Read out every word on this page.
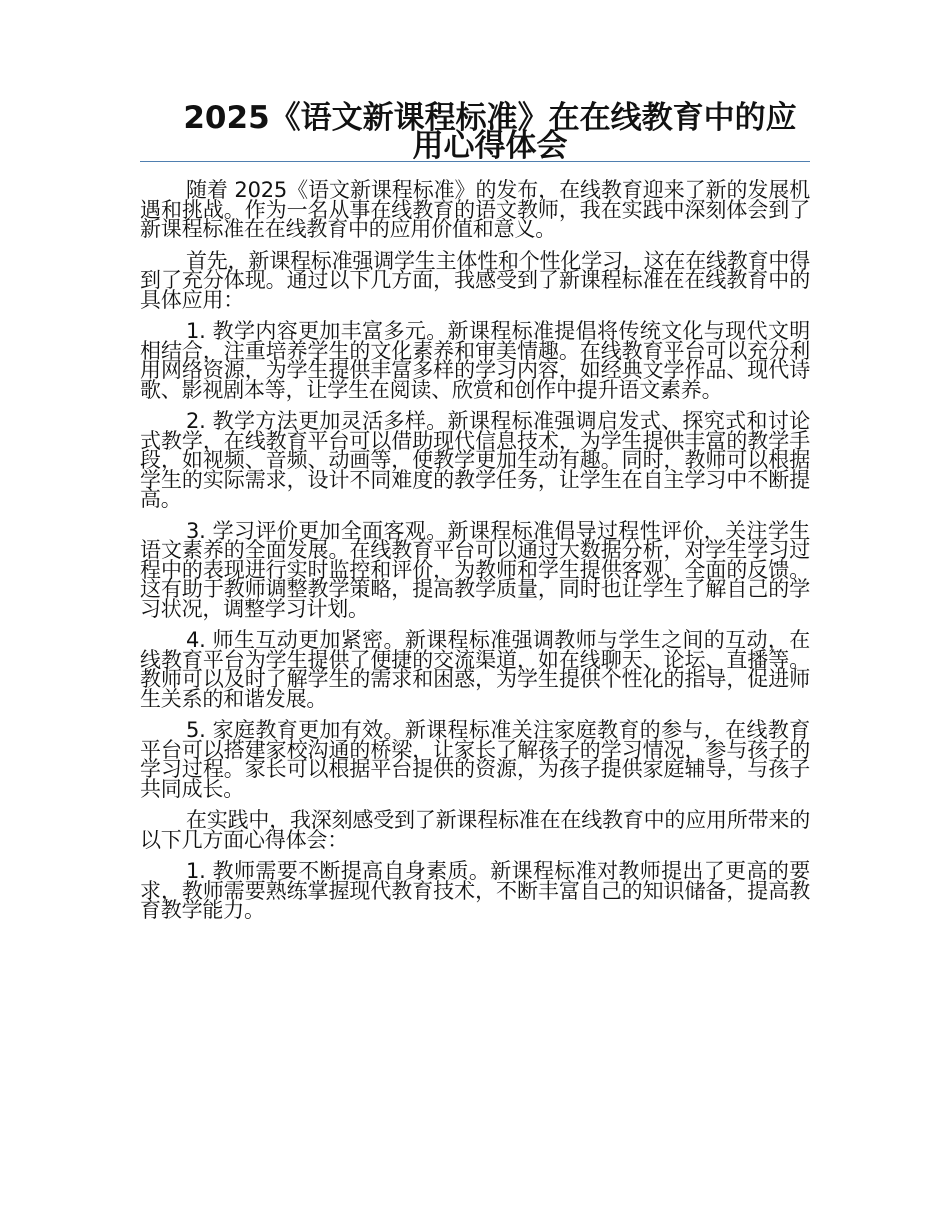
2025《语文新课程标准》在在线教育中的应用心得体会

随着 2025《语文新课程标准》的发布，在线教育迎来了新的发展机遇和挑战。作为一名从事在线教育的语文教师，我在实践中深刻体会到了新课程标准在在线教育中的应用价值和意义。

首先，新课程标准强调学生主体性和个性化学习，这在在线教育中得到了充分体现。通过以下几方面，我感受到了新课程标准在在线教育中的具体应用：

1. 教学内容更加丰富多元。新课程标准提倡将传统文化与现代文明相结合，注重培养学生的文化素养和审美情趣。在线教育平台可以充分利用网络资源，为学生提供丰富多样的学习内容，如经典文学作品、现代诗歌、影视剧本等，让学生在阅读、欣赏和创作中提升语文素养。

2. 教学方法更加灵活多样。新课程标准强调启发式、探究式和讨论式教学，在线教育平台可以借助现代信息技术，为学生提供丰富的教学手段，如视频、音频、动画等，使教学更加生动有趣。同时，教师可以根据学生的实际需求，设计不同难度的教学任务，让学生在自主学习中不断提高。

3. 学习评价更加全面客观。新课程标准倡导过程性评价，关注学生语文素养的全面发展。在线教育平台可以通过大数据分析，对学生学习过程中的表现进行实时监控和评价，为教师和学生提供客观、全面的反馈。这有助于教师调整教学策略，提高教学质量，同时也让学生了解自己的学习状况，调整学习计划。

4. 师生互动更加紧密。新课程标准强调教师与学生之间的互动，在线教育平台为学生提供了便捷的交流渠道，如在线聊天、论坛、直播等。教师可以及时了解学生的需求和困惑，为学生提供个性化的指导，促进师生关系的和谐发展。

5. 家庭教育更加有效。新课程标准关注家庭教育的参与，在线教育平台可以搭建家校沟通的桥梁，让家长了解孩子的学习情况，参与孩子的学习过程。家长可以根据平台提供的资源，为孩子提供家庭辅导，与孩子共同成长。

在实践中，我深刻感受到了新课程标准在在线教育中的应用所带来的以下几方面心得体会：

1. 教师需要不断提高自身素质。新课程标准对教师提出了更高的要求，教师需要熟练掌握现代教育技术，不断丰富自己的知识储备，提高教育教学能力。
